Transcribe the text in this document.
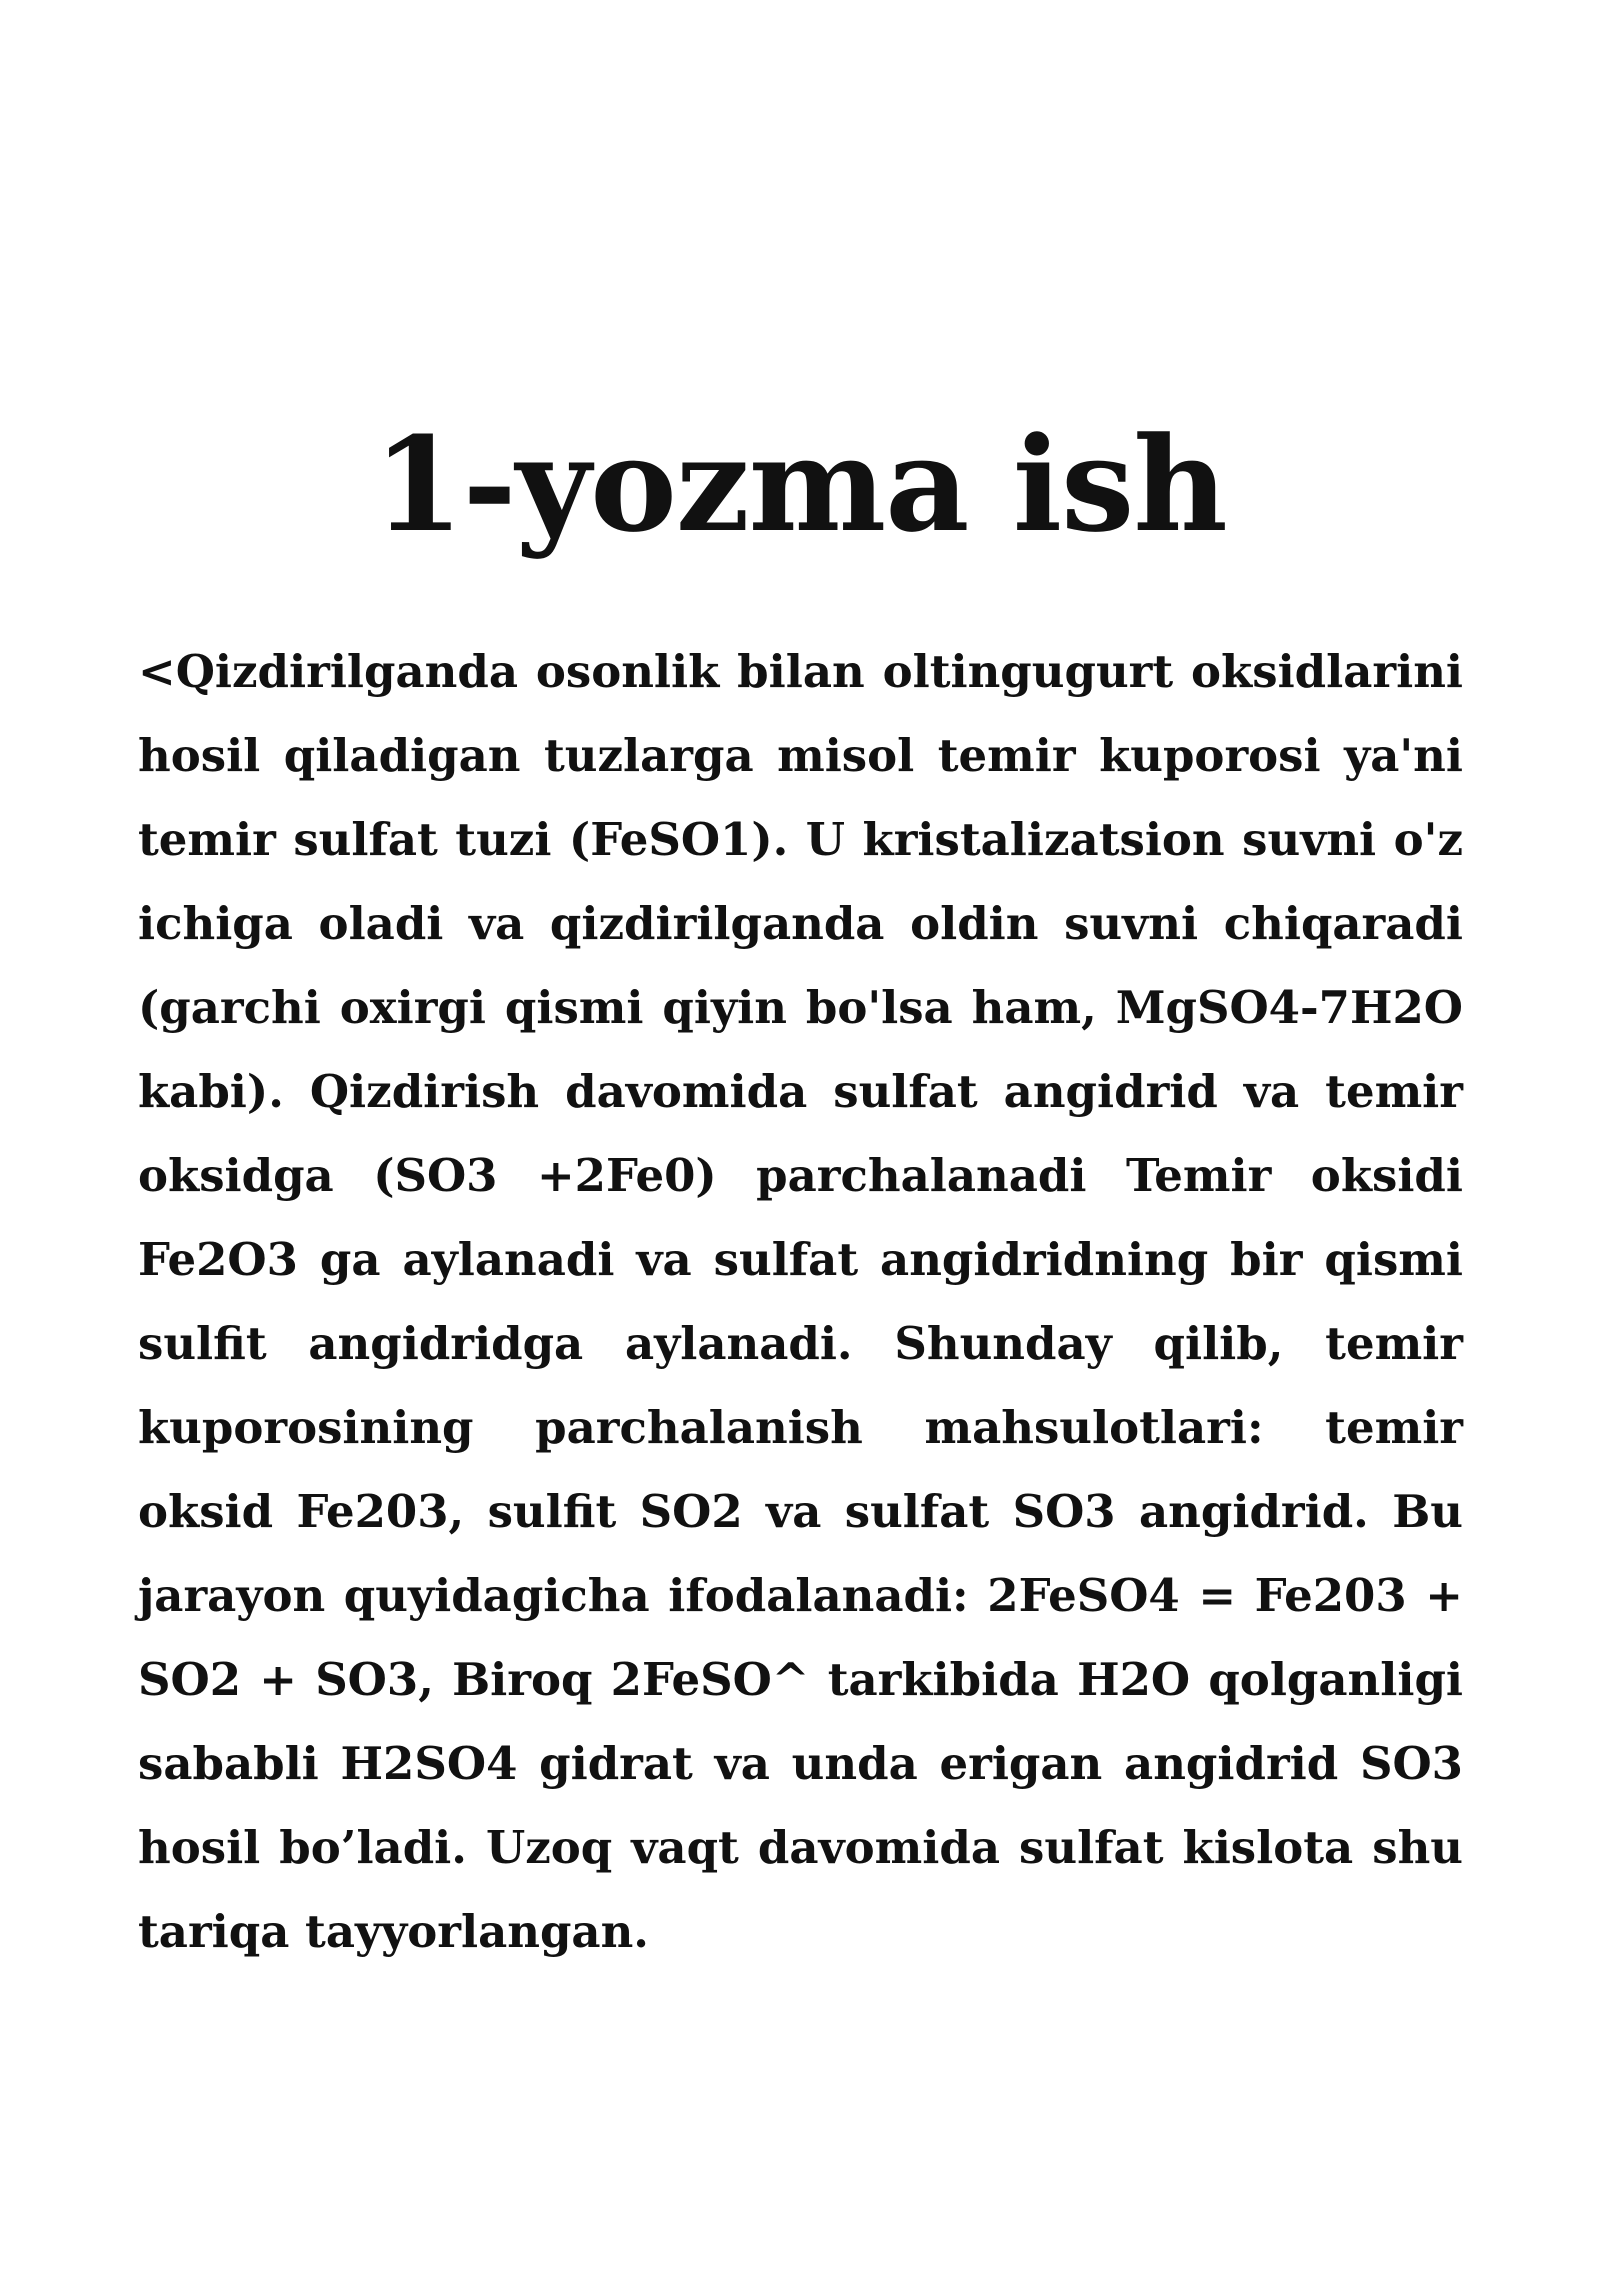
1-yozma ish

<Qizdirilganda osonlik bilan oltingugurt oksidlarini hosil qiladigan tuzlarga misol temir kuporosi ya'ni temir sulfat tuzi (FeSO1). U kristalizatsion suvni o'z ichiga oladi va qizdirilganda oldin suvni chiqaradi (garchi oxirgi qismi qiyin bo'lsa ham, MgSO4-7H2O kabi). Qizdirish davomida sulfat angidrid va temir oksidga (SO3 +2Fe0) parchalanadi Temir oksidi Fe2O3 ga aylanadi va sulfat angidridning bir qismi sulfit angidridga aylanadi. Shunday qilib, temir kuporosining parchalanish mahsulotlari: temir oksid Fe203, sulfit SO2 va sulfat SO3 angidrid. Bu jarayon quyidagicha ifodalanadi: 2FeSO4 = Fe203 + SO2 + SO3, Biroq 2FeSO^ tarkibida H2O qolganligi sababli H2SO4 gidrat va unda erigan angidrid SO3 hosil bo’ladi. Uzoq vaqt davomida sulfat kislota shu tariqa tayyorlangan.
